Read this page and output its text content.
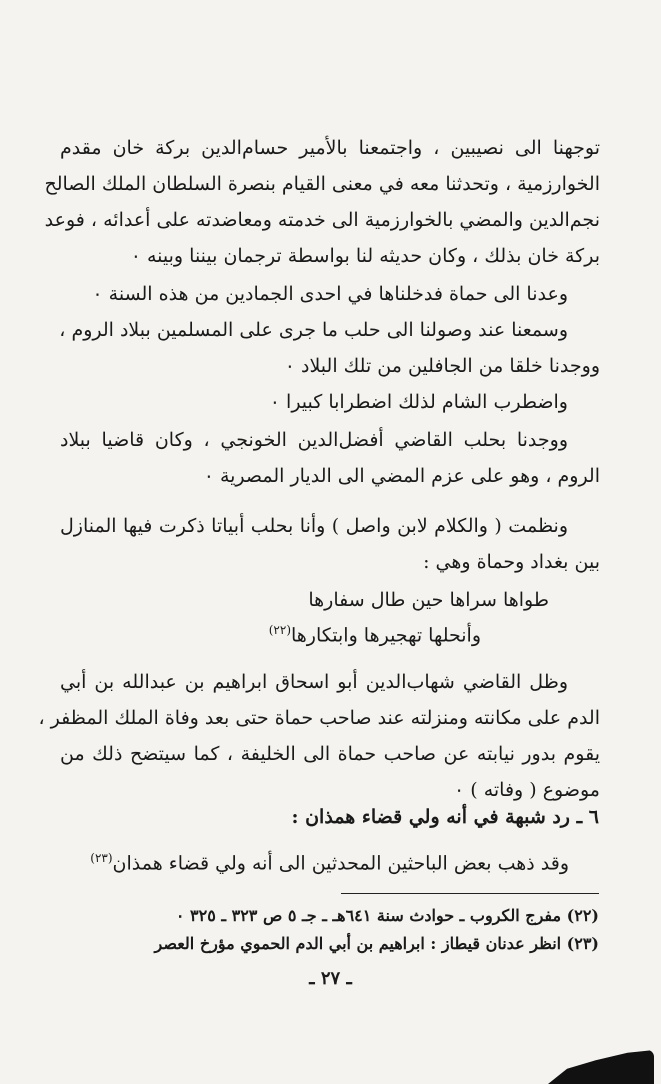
توجهنا الى نصيبين ، واجتمعنا بالأمير حسام‌الدين بركة خان مقدم
الخوارزمية ، وتحدثنا معه في معنى القيام بنصرة السلطان الملك الصالح
نجم‌الدين والمضي بالخوارزمية الى خدمته ومعاضدته على أعدائه ، فوعد
بركة خان بذلك ، وكان حديثه لنا بواسطة ترجمان بيننا وبينه ٠
وعدنا الى حماة فدخلناها في احدى الجمادين من هذه السنة ٠
وسمعنا عند وصولنا الى حلب ما جرى على المسلمين ببلاد الروم ،
ووجدنا خلقا من الجافلين من تلك البلاد ٠
واضطرب الشام لذلك اضطرابا كبيرا ٠
ووجدنا بحلب القاضي أفضل‌الدين الخونجي ، وكان قاضيا ببلاد
الروم ، وهو على عزم المضي الى الديار المصرية ٠
ونظمت ( والكلام لابن واصل ) وأنا بحلب أبياتا ذكرت فيها المنازل
بين بغداد وحماة وهي :
طواها سراها حين طال سفارها
وأنحلها تهجيرها وابتكارها$^{(٢٢)}$
وظل القاضي شهاب‌الدين أبو اسحاق ابراهيم بن عبدالله بن أبي
الدم على مكانته ومنزلته عند صاحب حماة حتى بعد وفاة الملك المظفر ،
يقوم بدور نيابته عن صاحب حماة الى الخليفة ، كما سيتضح ذلك من
موضوع ( وفاته ) ٠
٦ ـ رد شبهة في أنه ولي قضاء همذان :
وقد ذهب بعض الباحثين المحدثين الى أنه ولي قضاء همذان$^{(٢٣)}$
(٢٢) مفرج الكروب ـ حوادث سنة ٦٤١هـ ـ جـ ٥ ص ٣٢٣ ـ ٣٢٥ ٠
(٢٣) انظر عدنان قيطاز : ابراهيم بن أبي الدم الحموي مؤرخ العصر
ـ ٢٧ ـ
